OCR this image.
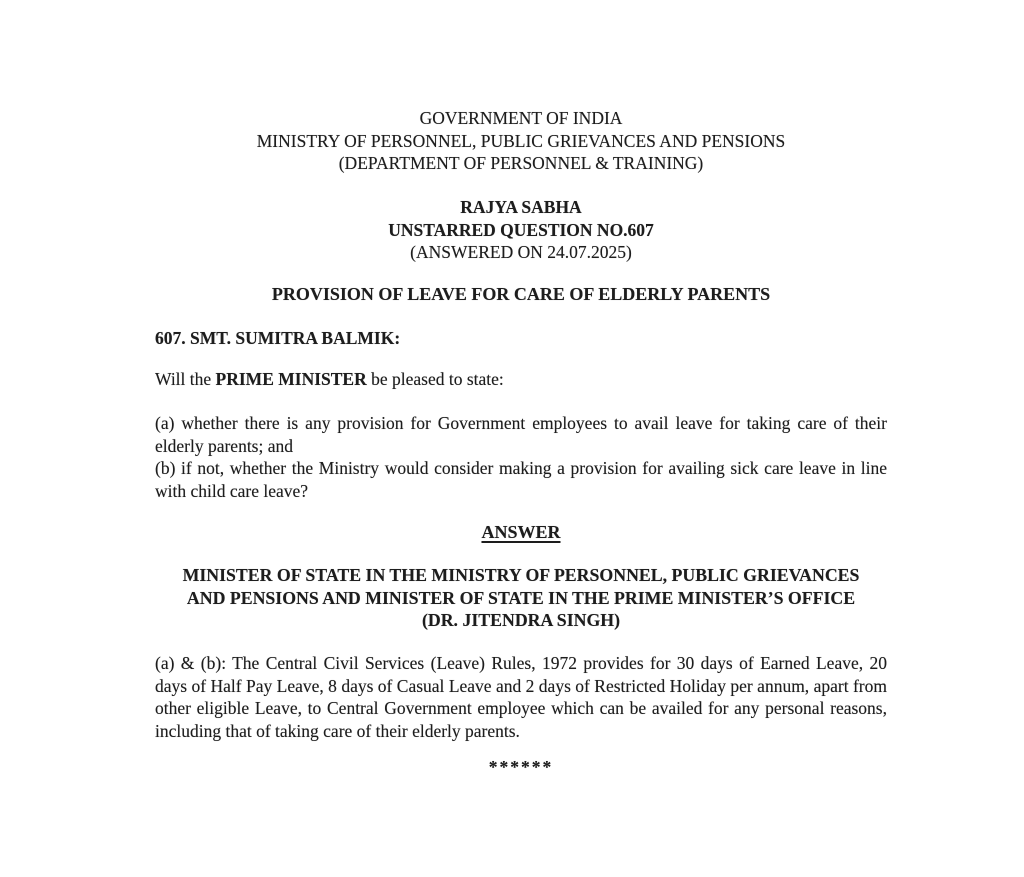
GOVERNMENT OF INDIA
MINISTRY OF PERSONNEL, PUBLIC GRIEVANCES AND PENSIONS
(DEPARTMENT OF PERSONNEL & TRAINING)
RAJYA SABHA
UNSTARRED QUESTION NO.607
(ANSWERED ON 24.07.2025)
PROVISION OF LEAVE FOR CARE OF ELDERLY PARENTS
607. SMT. SUMITRA BALMIK:
Will the PRIME MINISTER be pleased to state:

(a) whether there is any provision for Government employees to avail leave for taking care of their elderly parents; and

(b) if not, whether the Ministry would consider making a provision for availing sick care leave in line with child care leave?

ANSWER
MINISTER OF STATE IN THE MINISTRY OF PERSONNEL, PUBLIC GRIEVANCES
AND PENSIONS AND MINISTER OF STATE IN THE PRIME MINISTER’S OFFICE
(DR. JITENDRA SINGH)
(a) & (b): The Central Civil Services (Leave) Rules, 1972 provides for 30 days of Earned Leave, 20 days of Half Pay Leave, 8 days of Casual Leave and 2 days of Restricted Holiday per annum, apart from other eligible Leave, to Central Government employee which can be availed for any personal reasons, including that of taking care of their elderly parents.
******
